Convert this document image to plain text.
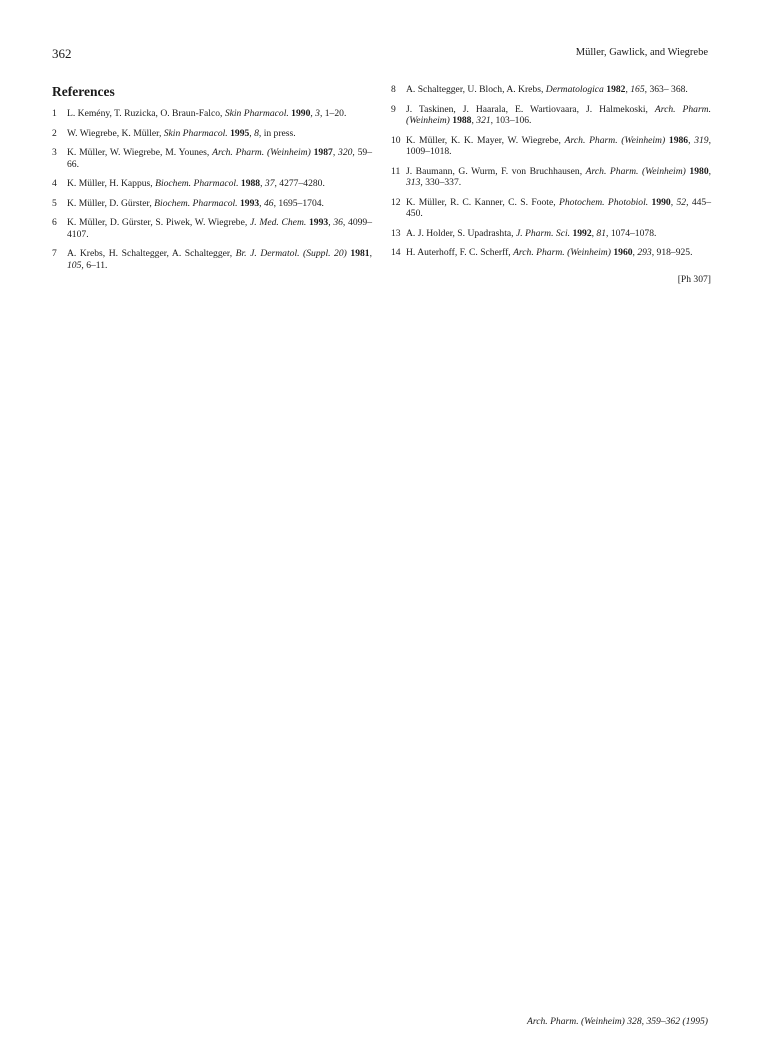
362	Müller, Gawlick, and Wiegrebe
References
1	L. Kemény, T. Ruzicka, O. Braun-Falco, Skin Pharmacol. 1990, 3, 1–20.
2	W. Wiegrebe, K. Müller, Skin Pharmacol. 1995, 8, in press.
3	K. Müller, W. Wiegrebe, M. Younes, Arch. Pharm. (Weinheim) 1987, 320, 59–66.
4	K. Müller, H. Kappus, Biochem. Pharmacol. 1988, 37, 4277–4280.
5	K. Müller, D. Gürster, Biochem. Pharmacol. 1993, 46, 1695–1704.
6	K. Müller, D. Gürster, S. Piwek, W. Wiegrebe, J. Med. Chem. 1993, 36, 4099–4107.
7	A. Krebs, H. Schaltegger, A. Schaltegger, Br. J. Dermatol. (Suppl. 20) 1981, 105, 6–11.
8	A. Schaltegger, U. Bloch, A. Krebs, Dermatologica 1982, 165, 363– 368.
9	J. Taskinen, J. Haarala, E. Wartiovaara, J. Halmekoski, Arch. Pharm. (Weinheim) 1988, 321, 103–106.
10 K. Müller, K. K. Mayer, W. Wiegrebe, Arch. Pharm. (Weinheim) 1986, 319, 1009–1018.
11 J. Baumann, G. Wurm, F. von Bruchhausen, Arch. Pharm. (Weinheim) 1980, 313, 330–337.
12 K. Müller, R. C. Kanner, C. S. Foote, Photochem. Photobiol. 1990, 52, 445–450.
13 A. J. Holder, S. Upadrashta, J. Pharm. Sci. 1992, 81, 1074–1078.
14 H. Auterhoff, F. C. Scherff, Arch. Pharm. (Weinheim) 1960, 293, 918–925.
[Ph 307]
Arch. Pharm. (Weinheim) 328, 359–362 (1995)
